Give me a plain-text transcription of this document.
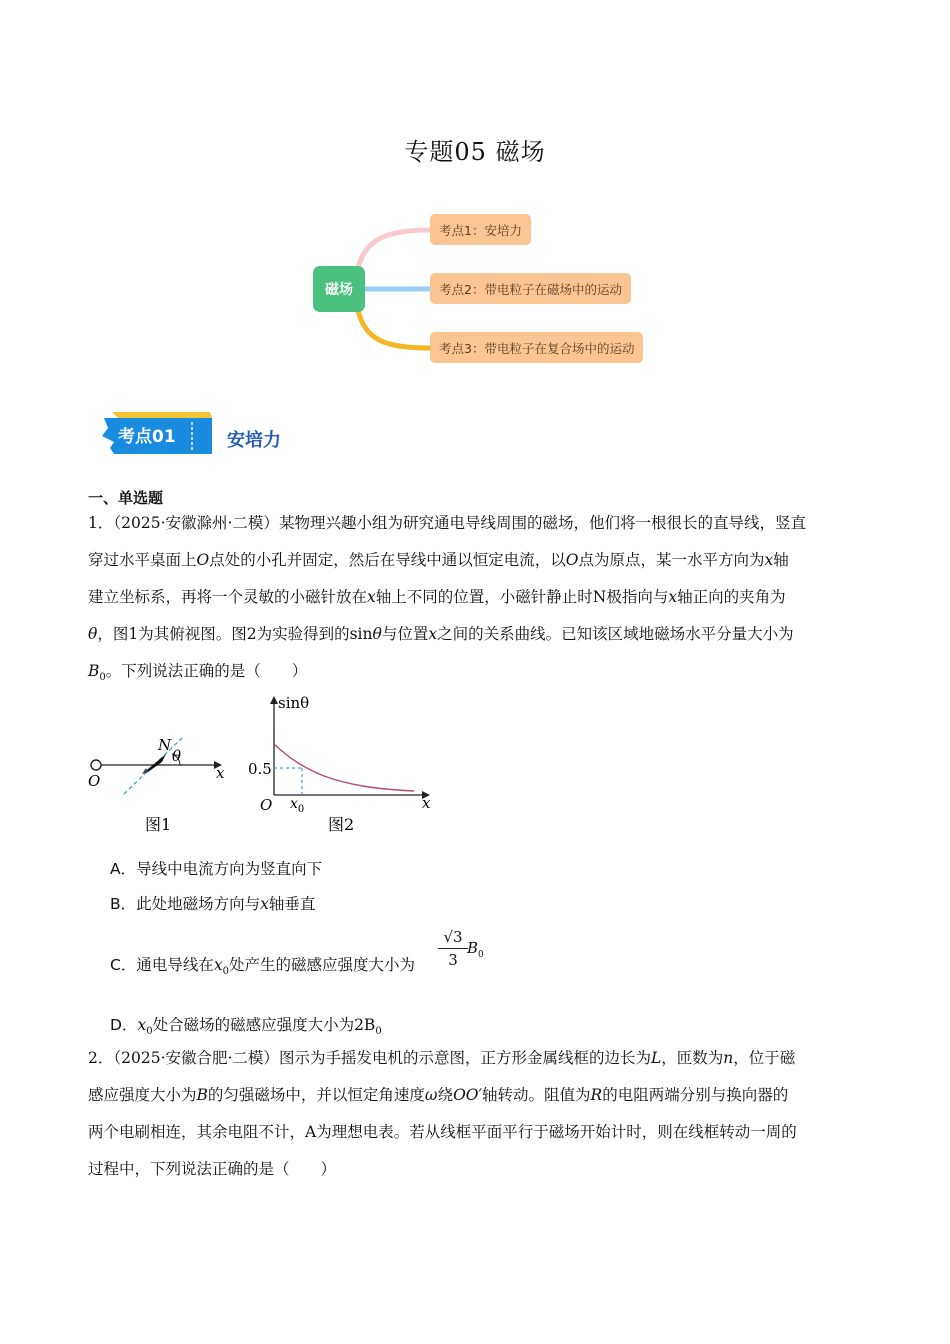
专题05 磁场
磁场
考点1：安培力
考点2：带电粒子在磁场中的运动
考点3：带电粒子在复合场中的运动
考点01	安培力
一、单选题

1．（2025·安徽滁州·二模）某物理兴趣小组为研究通电导线周围的磁场，他们将一根很长的直导线，竖直

穿过水平桌面上O点处的小孔并固定，然后在导线中通以恒定电流，以O点为原点，某一水平方向为x轴

建立坐标系，再将一个灵敏的小磁针放在x轴上不同的位置，小磁针静止时N极指向与x轴正向的夹角为

θ，图1为其俯视图。图2为实验得到的sinθ与位置x之间的关系曲线。已知该区域地磁场水平分量大小为

$B_0$。下列说法正确的是（　　）

N
θ
O	x
图1
sinθ
0.5
O $x_0$	x
图2
A．导线中电流方向为竖直向下
B．此处地磁场方向与x轴垂直
C．通电导线在$x_0$处产生的磁感应强度大小为 $\frac{√3}{3} B_0$
D．$x_0$处合磁场的磁感应强度大小为$2B_0$

2．（2025·安徽合肥·二模）图示为手摇发电机的示意图，正方形金属线框的边长为L，匝数为n，位于磁

感应强度大小为B的匀强磁场中，并以恒定角速度ω绕OO′轴转动。阻值为R的电阻两端分别与换向器的

两个电刷相连，其余电阻不计，A为理想电表。若从线框平面平行于磁场开始计时，则在线框转动一周的

过程中，下列说法正确的是（　　）
